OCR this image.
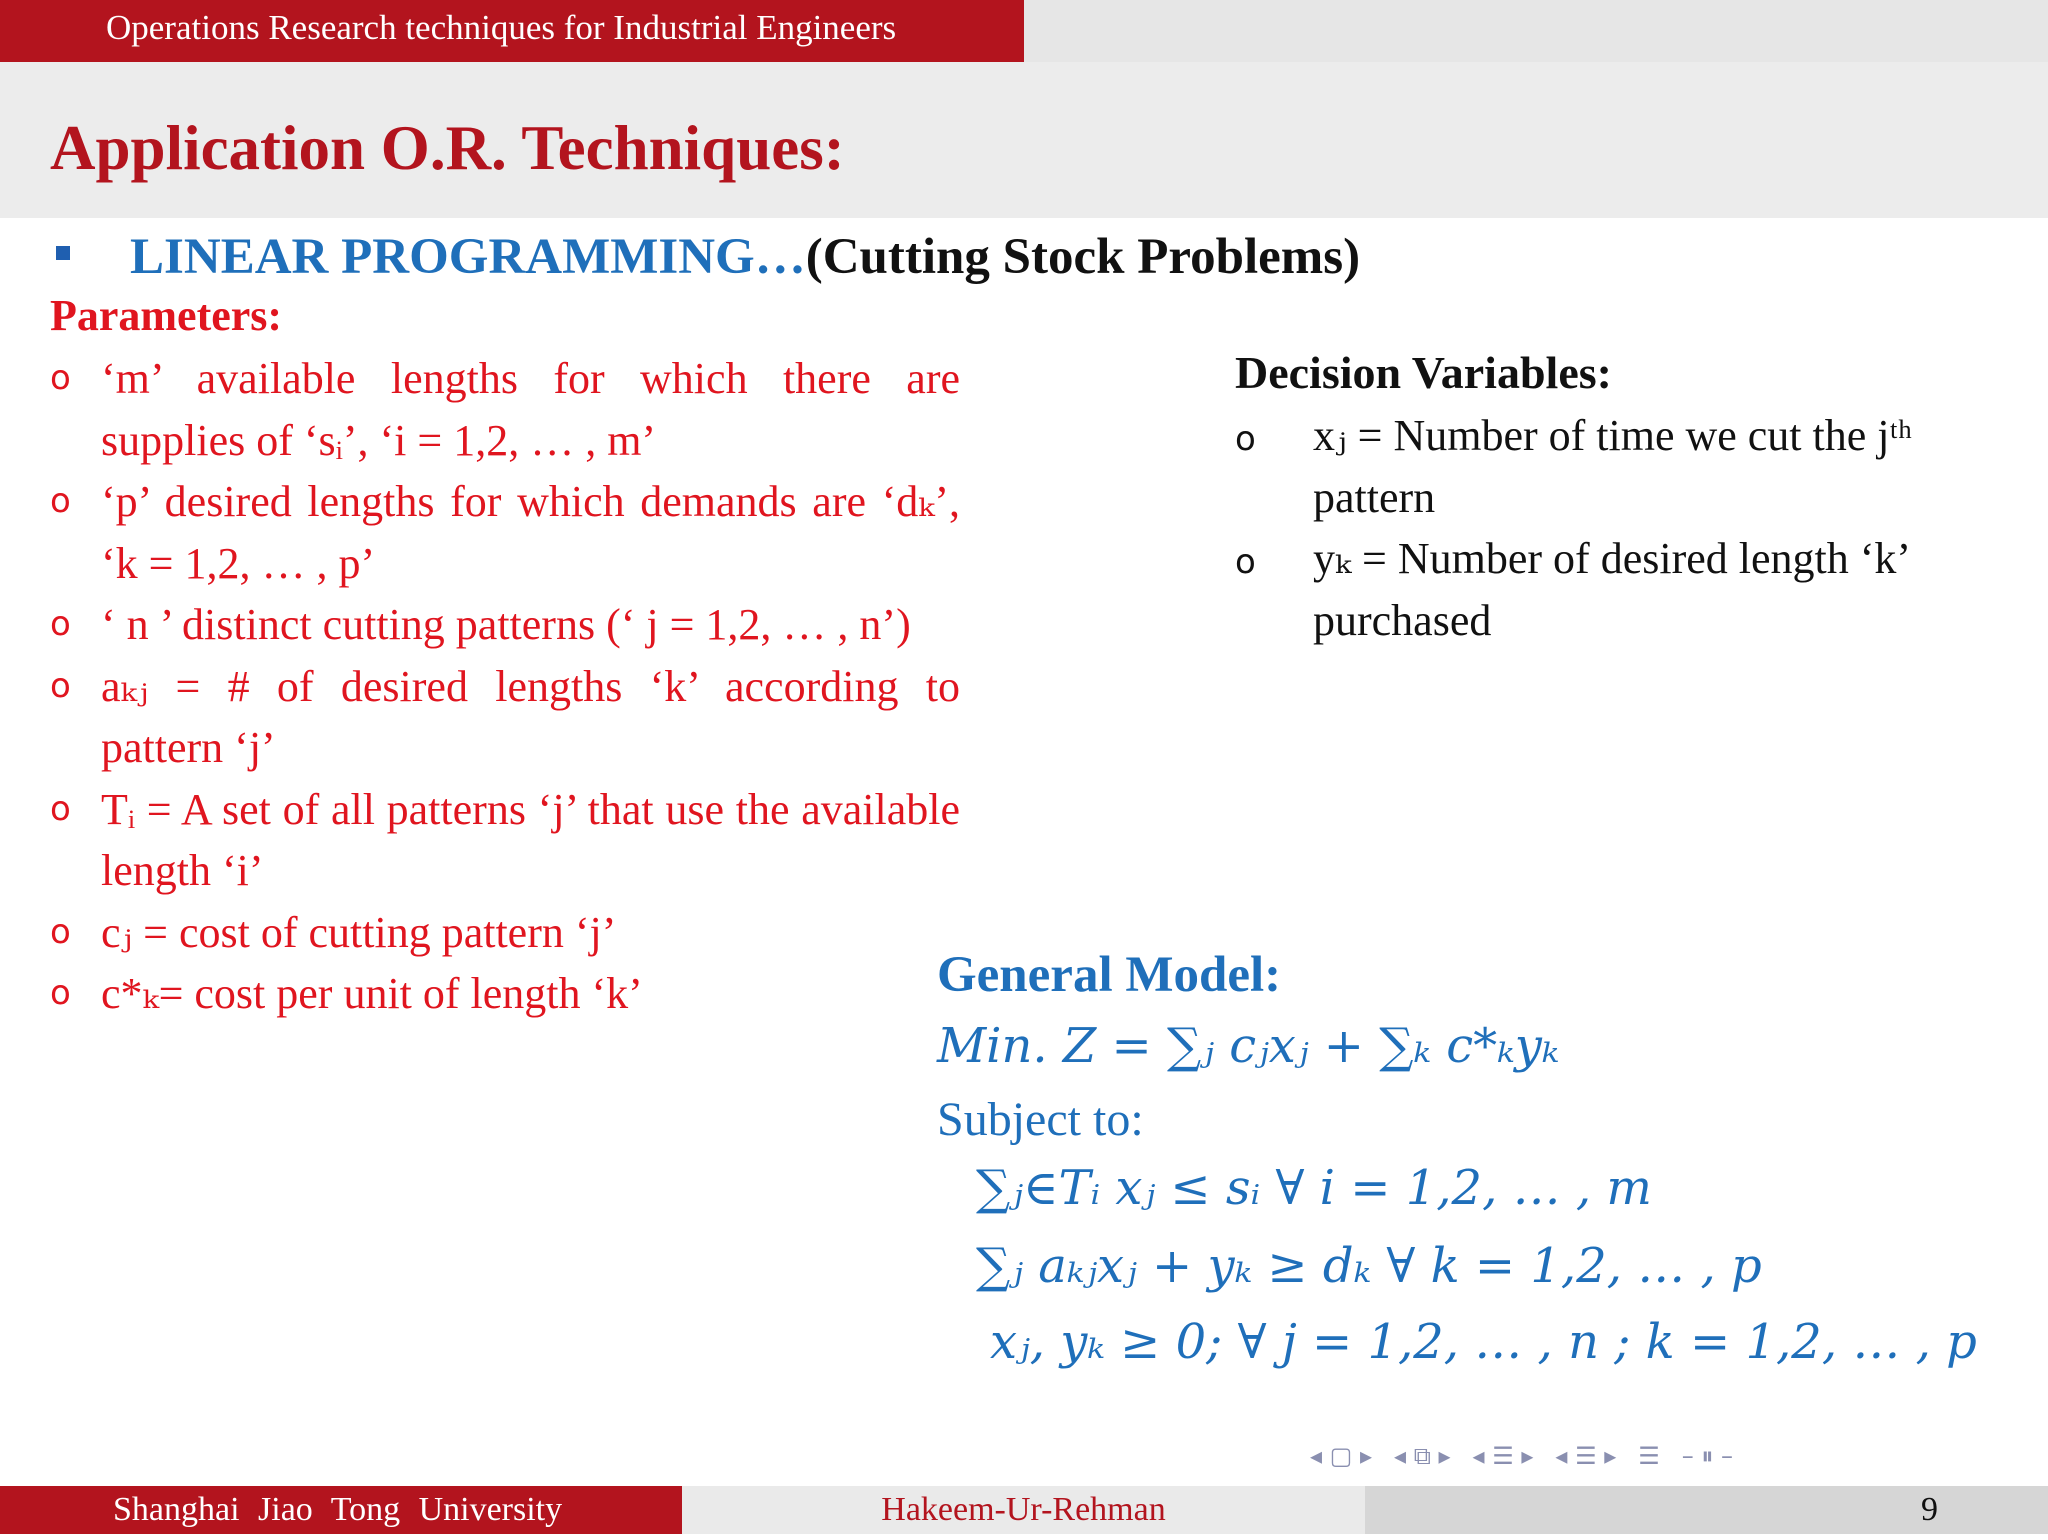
Operations Research techniques for Industrial Engineers
Application O.R. Techniques:
LINEAR PROGRAMMING…(Cutting Stock Problems)
Parameters:
o ‘m’ available lengths for which there are supplies of ‘sᵢ’, ‘i = 1,2, … , m’
o ‘p’ desired lengths for which demands are ‘dₖ’, ‘k = 1,2, … , p’
o ‘ n ’ distinct cutting patterns (‘ j = 1,2, … , n’)
o aₖⱼ = # of desired lengths ‘k’ according to pattern ‘j’
o Tᵢ = A set of all patterns ‘j’ that use the available length ‘i’
o cⱼ = cost of cutting pattern ‘j’
o c*ₖ= cost per unit of length ‘k’
Decision Variables:
o xⱼ = Number of time we cut the jᵗʰ pattern
o yₖ = Number of desired length ‘k’ purchased
General Model:
Min. Z = ∑ⱼ cⱼxⱼ + ∑ₖ c*ₖyₖ
Subject to:
∑ⱼ∈Tᵢ xⱼ ≤ sᵢ ∀ i = 1,2, … , m
∑ⱼ aₖⱼxⱼ + yₖ ≥ dₖ ∀ k = 1,2, … , p
xⱼ, yₖ ≥ 0; ∀ j = 1,2, … , n ; k = 1,2, … , p
◂ ▢ ▸ ◂ ⧉ ▸ ◂ ☰ ▸ ◂ ☰ ▸ ☰ – ⏸ –
Shanghai Jiao Tong University	Hakeem-Ur-Rehman	9
